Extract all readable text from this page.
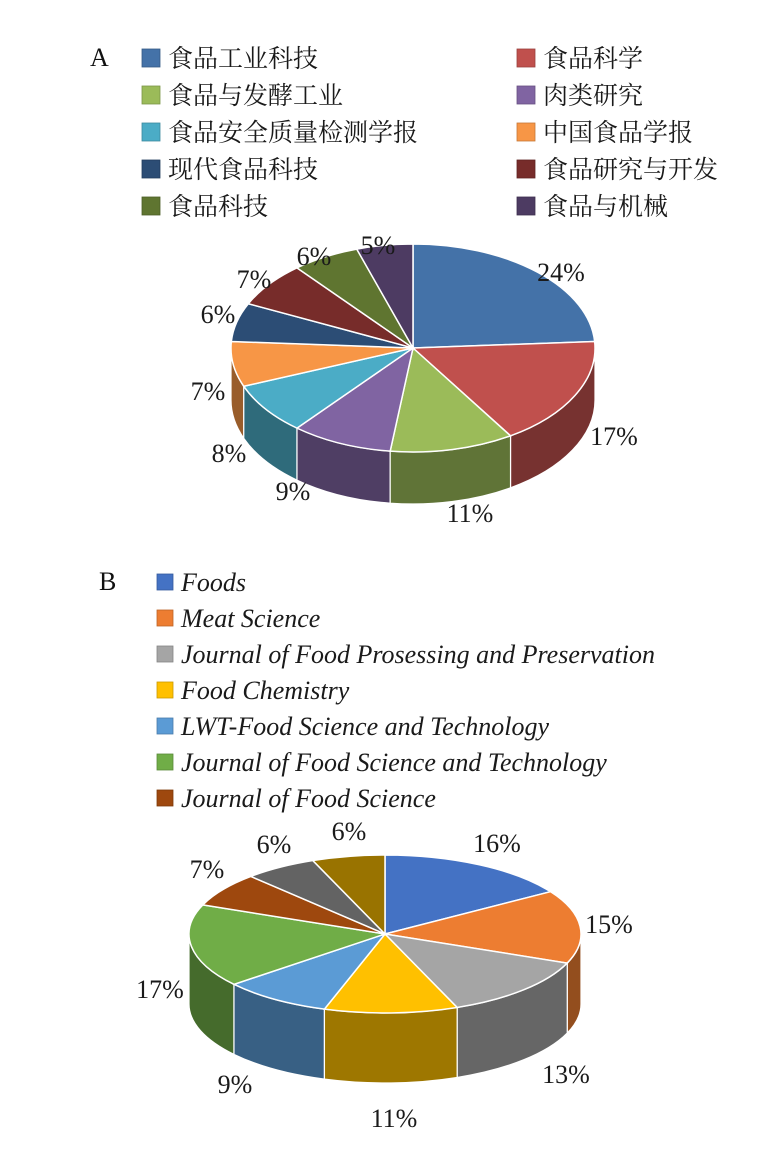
A 食品工业科技	食品科学
食品与发酵工业	肉类研究
食品安全质量检测学报	中国食品学报
现代食品科技	食品研究与开发
食品科技	食品与机械
24%
17%
11%
9%
8%
7%
6%
7%
6% 5%
B Foods
Meat Science
Journal of Food Prosessing and Preservation
Food Chemistry
LWT-Food Science and Technology
Journal of Food Science and Technology
Journal of Food Science
16%
15%
13%
11%
9%
17%
7%
6% 6%
